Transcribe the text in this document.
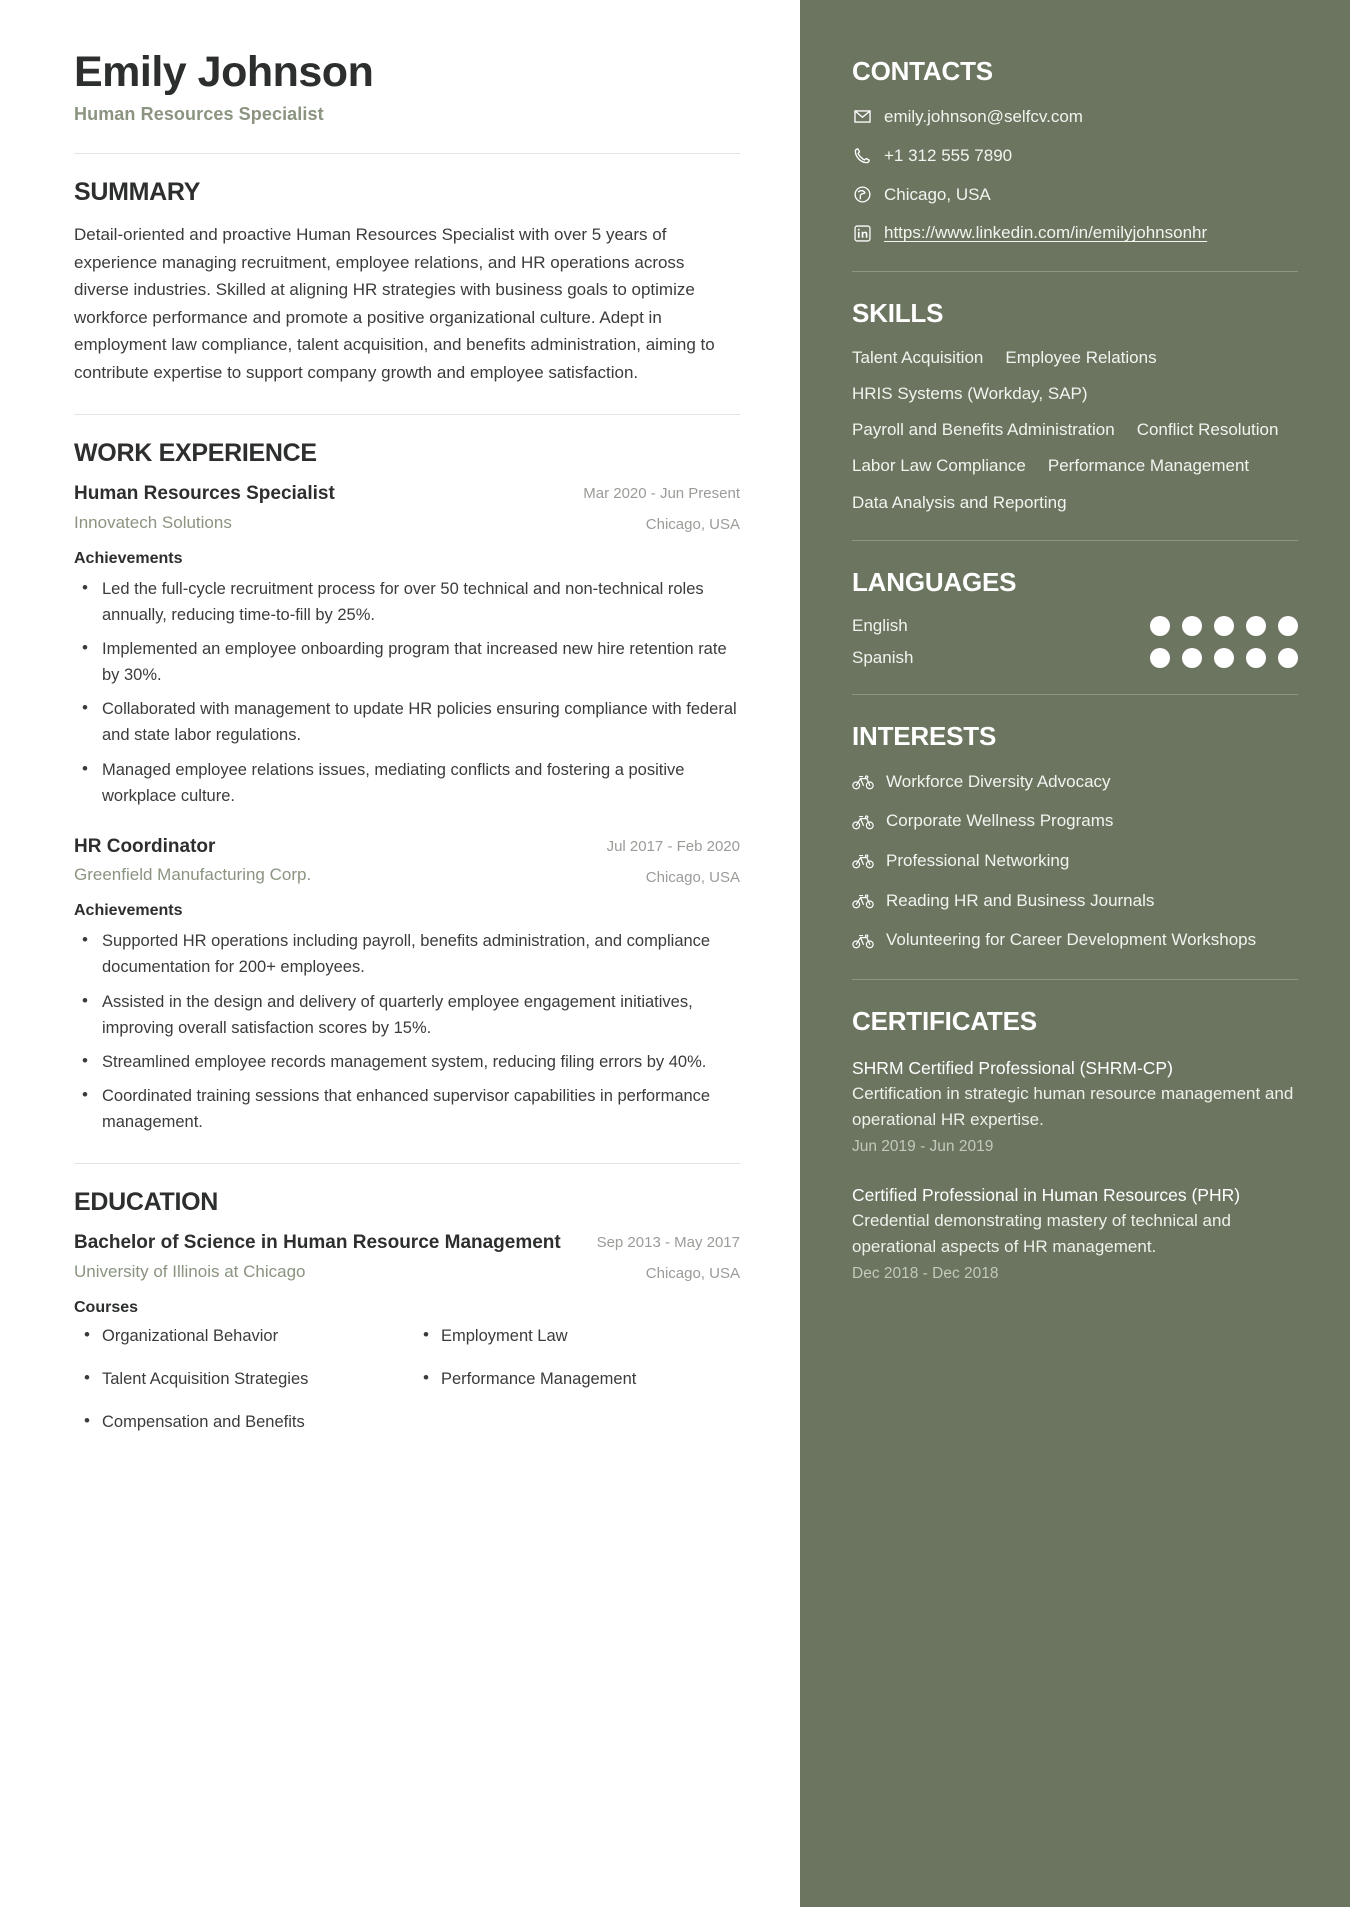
Emily Johnson
Human Resources Specialist
SUMMARY
Detail-oriented and proactive Human Resources Specialist with over 5 years of experience managing recruitment, employee relations, and HR operations across diverse industries. Skilled at aligning HR strategies with business goals to optimize workforce performance and promote a positive organizational culture. Adept in employment law compliance, talent acquisition, and benefits administration, aiming to contribute expertise to support company growth and employee satisfaction.
WORK EXPERIENCE
Human Resources Specialist
Innovatech Solutions
Mar 2020 - Jun Present
Chicago, USA
Achievements
• Led the full-cycle recruitment process for over 50 technical and non-technical roles annually, reducing time-to-fill by 25%.
• Implemented an employee onboarding program that increased new hire retention rate by 30%.
• Collaborated with management to update HR policies ensuring compliance with federal and state labor regulations.
• Managed employee relations issues, mediating conflicts and fostering a positive workplace culture.
HR Coordinator
Greenfield Manufacturing Corp.
Jul 2017 - Feb 2020
Chicago, USA
Achievements
• Supported HR operations including payroll, benefits administration, and compliance documentation for 200+ employees.
• Assisted in the design and delivery of quarterly employee engagement initiatives, improving overall satisfaction scores by 15%.
• Streamlined employee records management system, reducing filing errors by 40%.
• Coordinated training sessions that enhanced supervisor capabilities in performance management.
EDUCATION
Bachelor of Science in Human Resource Management
University of Illinois at Chicago
Sep 2013 - May 2017
Chicago, USA
Courses
• Organizational Behavior	• Employment Law
• Talent Acquisition Strategies	• Performance Management
• Compensation and Benefits
CONTACTS
emily.johnson@selfcv.com
+1 312 555 7890
Chicago, USA
https://www.linkedin.com/in/emilyjohnsonhr
SKILLS
Talent Acquisition Employee Relations
HRIS Systems (Workday, SAP)
Payroll and Benefits Administration Conflict Resolution
Labor Law Compliance Performance Management
Data Analysis and Reporting
LANGUAGES
English
Spanish
INTERESTS
Workforce Diversity Advocacy
Corporate Wellness Programs
Professional Networking
Reading HR and Business Journals
Volunteering for Career Development Workshops
CERTIFICATES
SHRM Certified Professional (SHRM-CP)
Certification in strategic human resource management and operational HR expertise.
Jun 2019 - Jun 2019
Certified Professional in Human Resources (PHR)
Credential demonstrating mastery of technical and operational aspects of HR management.
Dec 2018 - Dec 2018
